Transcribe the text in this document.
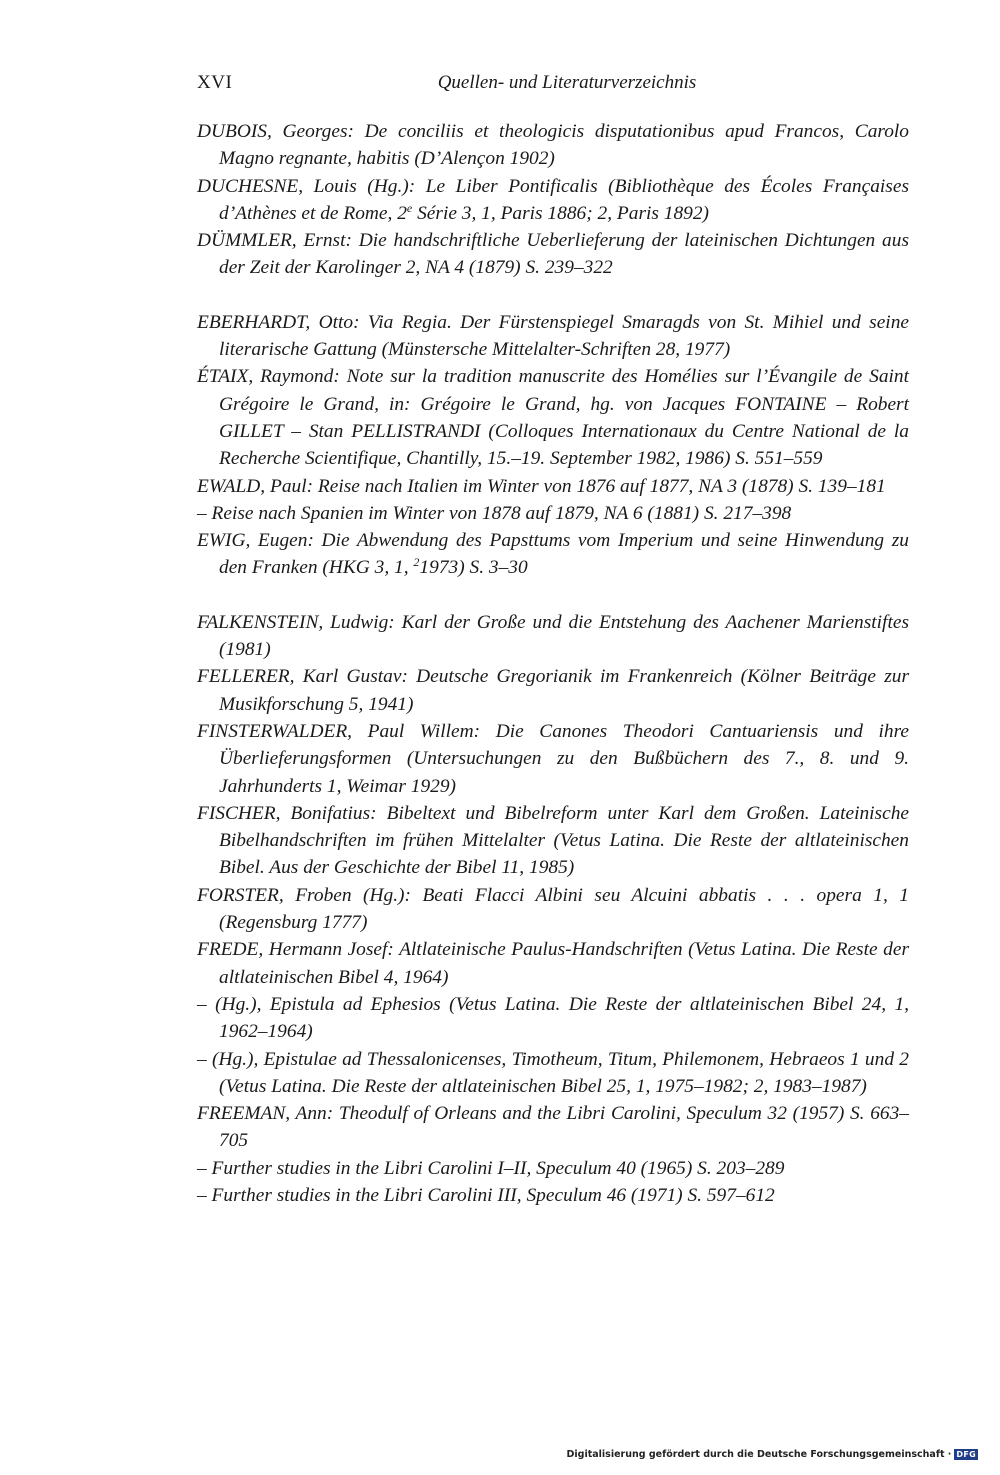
XVI	Quellen- und Literaturverzeichnis

DUBOIS, Georges: De conciliis et theologicis disputationibus apud Francos, Carolo Magno regnante, habitis (D’Alençon 1902)

DUCHESNE, Louis (Hg.): Le Liber Pontificalis (Bibliothèque des Écoles Françaises d’Athènes et de Rome, 2e Série 3, 1, Paris 1886; 2, Paris 1892)

DÜMMLER, Ernst: Die handschriftliche Ueberlieferung der lateinischen Dichtungen aus der Zeit der Karolinger 2, NA 4 (1879) S. 239–322

EBERHARDT, Otto: Via Regia. Der Fürstenspiegel Smaragds von St. Mihiel und seine literarische Gattung (Münstersche Mittelalter-Schriften 28, 1977)

ÉTAIX, Raymond: Note sur la tradition manuscrite des Homélies sur l’Évangile de Saint Grégoire le Grand, in: Grégoire le Grand, hg. von Jacques FONTAINE – Robert GILLET – Stan PELLISTRANDI (Colloques Internationaux du Centre National de la Recherche Scientifique, Chantilly, 15.–19. September 1982, 1986) S. 551–559

EWALD, Paul: Reise nach Italien im Winter von 1876 auf 1877, NA 3 (1878) S. 139–181

– Reise nach Spanien im Winter von 1878 auf 1879, NA 6 (1881) S. 217–398

EWIG, Eugen: Die Abwendung des Papsttums vom Imperium und seine Hinwendung zu den Franken (HKG 3, 1, $^2$1973) S. 3–30

FALKENSTEIN, Ludwig: Karl der Große und die Entstehung des Aachener Marienstiftes (1981)

FELLERER, Karl Gustav: Deutsche Gregorianik im Frankenreich (Kölner Beiträge zur Musikforschung 5, 1941)

FINSTERWALDER, Paul Willem: Die Canones Theodori Cantuariensis und ihre Überlieferungsformen (Untersuchungen zu den Bußbüchern des 7., 8. und 9. Jahrhunderts 1, Weimar 1929)

FISCHER, Bonifatius: Bibeltext und Bibelreform unter Karl dem Großen. Lateinische Bibelhandschriften im frühen Mittelalter (Vetus Latina. Die Reste der altlateinischen Bibel. Aus der Geschichte der Bibel 11, 1985)

FORSTER, Froben (Hg.): Beati Flacci Albini seu Alcuini abbatis . . . opera 1, 1 (Regensburg 1777)

FREDE, Hermann Josef: Altlateinische Paulus-Handschriften (Vetus Latina. Die Reste der altlateinischen Bibel 4, 1964)

– (Hg.), Epistula ad Ephesios (Vetus Latina. Die Reste der altlateinischen Bibel 24, 1, 1962–1964)

– (Hg.), Epistulae ad Thessalonicenses, Timotheum, Titum, Philemonem, Hebraeos 1 und 2 (Vetus Latina. Die Reste der altlateinischen Bibel 25, 1, 1975–1982; 2, 1983–1987)

FREEMAN, Ann: Theodulf of Orleans and the Libri Carolini, Speculum 32 (1957) S. 663–705

– Further studies in the Libri Carolini I–II, Speculum 40 (1965) S. 203–289

– Further studies in the Libri Carolini III, Speculum 46 (1971) S. 597–612

Digitalisierung gefördert durch die Deutsche Forschungsgemeinschaft · DFG
